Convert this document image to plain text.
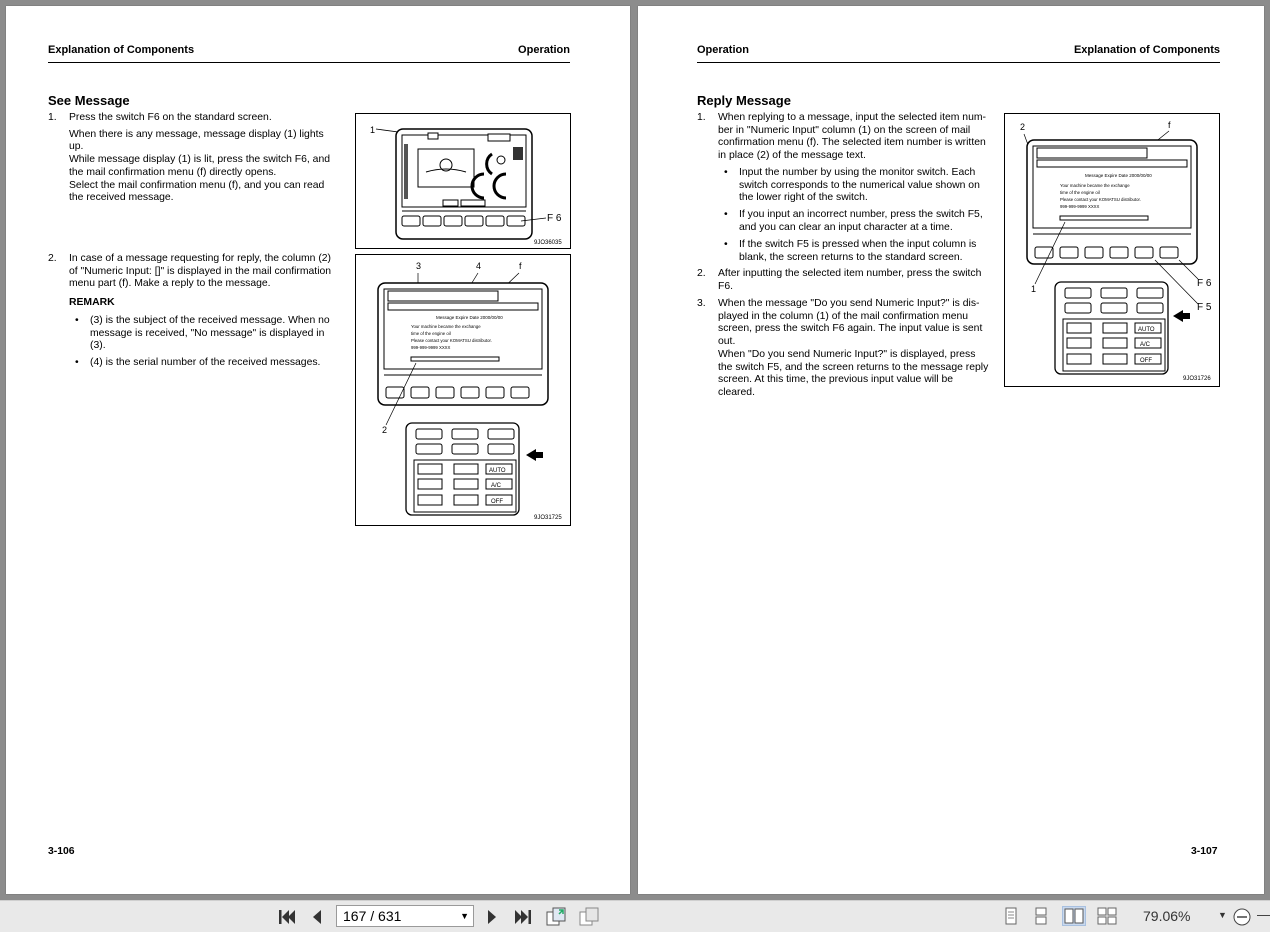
Explanation of Components	Operation
See Message
1. Press the switch F6 on the standard screen.
When there is any message, message display (1) lights
up.
While message display (1) is lit, press the switch F6, and
the mail confirmation menu (f) directly opens.
Select the mail confirmation menu (f), and you can read
the received message.
2. In case of a message requesting for reply, the column (2)
of "Numeric Input: []" is displayed in the mail confirmation
menu part (f). Make a reply to the message.
REMARK
• (3) is the subject of the received message. When no
message is received, "No message" is displayed in
(3).
• (4) is the serial number of the received messages.
1
F 6
9JO36035
3	4	f
Message Expire Date 2000/00/00
Your machine became the exchange
time of the engine oil
Please contact your KOMATSU distributor.
999-999-9999 XXXX
2
AUTO
A/C
OFF
9JO31725
3-106
Operation	Explanation of Components
Reply Message
1. When replying to a message, input the selected item num-
ber in "Numeric Input" column (1) on the screen of mail
confirmation menu (f). The selected item number is written
in place (2) of the message text.
• Input the number by using the monitor switch. Each
switch corresponds to the numerical value shown on
the lower right of the switch.
• If you input an incorrect number, press the switch F5,
and you can clear an input character at a time.
• If the switch F5 is pressed when the input column is
blank, the screen returns to the standard screen.
2. After inputting the selected item number, press the switch
F6.
3. When the message "Do you send Numeric Input?" is dis-
played in the column (1) of the mail confirmation menu
screen, press the switch F6 again. The input value is sent
out.
When "Do you send Numeric Input?" is displayed, press
the switch F5, and the screen returns to the message reply
screen. At this time, the previous input value will be
cleared.
2	f
Message Expire Date 2000/00/00
Your machine became the exchange
time of the engine oil
Please contact your KOMATSU distributor.
999-999-9999 XXXX
1	F 6
F 5
AUTO
A/C
OFF
9JO31726
3-107
167 / 631	▼	79.06%	▼
